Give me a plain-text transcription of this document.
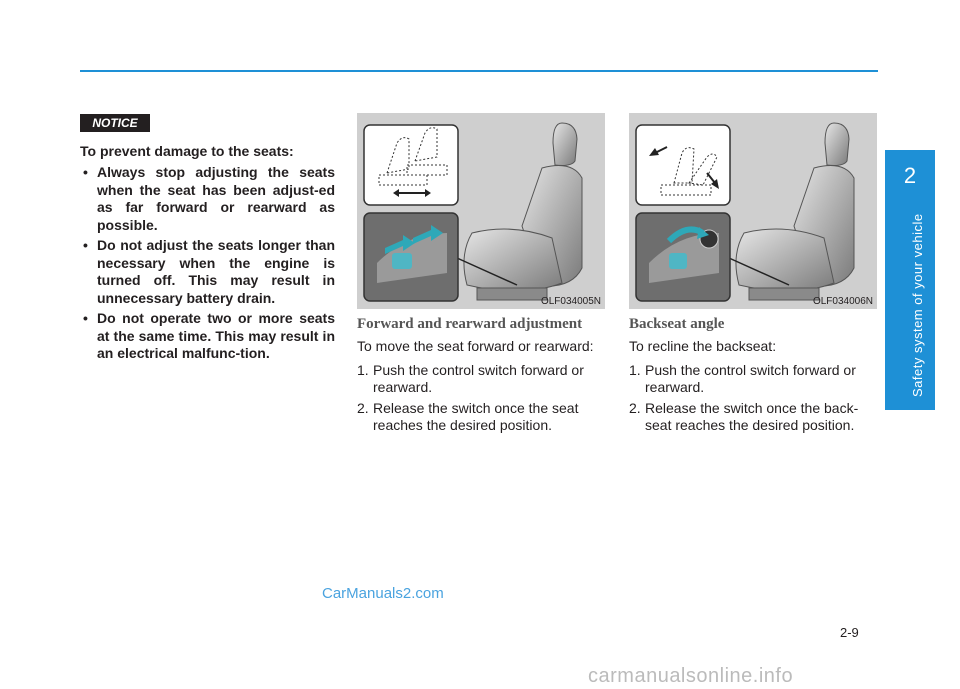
2
Safety system of your vehicle
NOTICE
To prevent damage to the seats:
• Always stop adjusting the seats when the seat has been adjust-ed as far forward or rearward as possible.
• Do not adjust the seats longer than necessary when the engine is turned off. This may result in unnecessary battery drain.
• Do not operate two or more seats at the same time. This may result in an electrical malfunc-tion.
OLF034005N	OLF034006N
Forward and rearward adjustment

To move the seat forward or rearward:

1. Push the control switch forward or rearward.
2. Release the switch once the seat reaches the desired position.
Backseat angle

To recline the backseat:

1. Push the control switch forward or rearward.
2. Release the switch once the back-seat reaches the desired position.
2-9
CarManuals2.com
carmanualsonline.info
